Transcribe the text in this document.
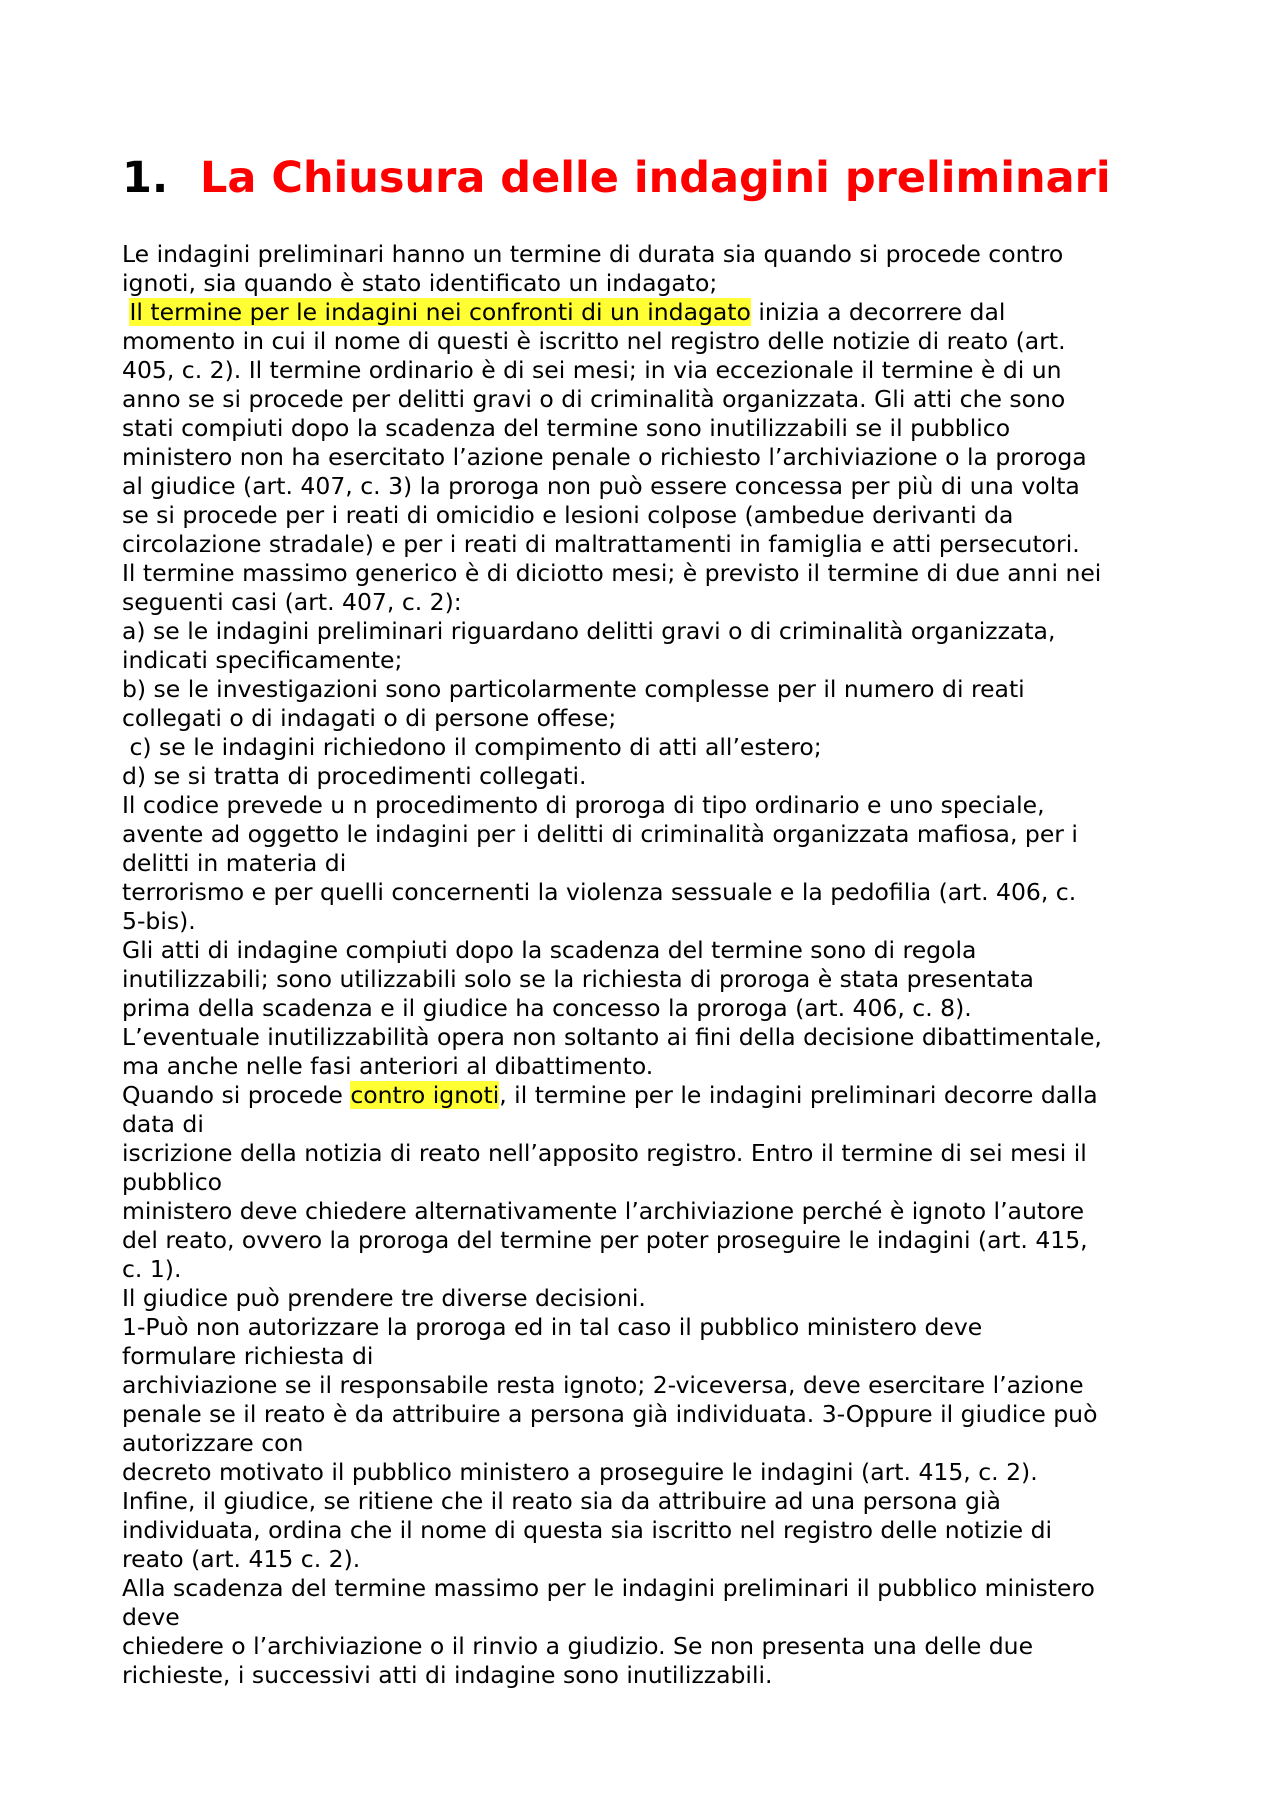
1. La Chiusura delle indagini preliminari
Le indagini preliminari hanno un termine di durata sia quando si procede contro
ignoti, sia quando è stato identificato un indagato;
Il termine per le indagini nei confronti di un indagato inizia a decorrere dal
momento in cui il nome di questi è iscritto nel registro delle notizie di reato (art.
405, c. 2). Il termine ordinario è di sei mesi; in via eccezionale il termine è di un
anno se si procede per delitti gravi o di criminalità organizzata. Gli atti che sono
stati compiuti dopo la scadenza del termine sono inutilizzabili se il pubblico
ministero non ha esercitato l’azione penale o richiesto l’archiviazione o la proroga
al giudice (art. 407, c. 3) la proroga non può essere concessa per più di una volta
se si procede per i reati di omicidio e lesioni colpose (ambedue derivanti da
circolazione stradale) e per i reati di maltrattamenti in famiglia e atti persecutori.
Il termine massimo generico è di diciotto mesi; è previsto il termine di due anni nei
seguenti casi (art. 407, c. 2):
a) se le indagini preliminari riguardano delitti gravi o di criminalità organizzata,
indicati specificamente;
b) se le investigazioni sono particolarmente complesse per il numero di reati
collegati o di indagati o di persone offese;
c) se le indagini richiedono il compimento di atti all’estero;
d) se si tratta di procedimenti collegati.
Il codice prevede u n procedimento di proroga di tipo ordinario e uno speciale,
avente ad oggetto le indagini per i delitti di criminalità organizzata mafiosa, per i
delitti in materia di
terrorismo e per quelli concernenti la violenza sessuale e la pedofilia (art. 406, c.
5-bis).
Gli atti di indagine compiuti dopo la scadenza del termine sono di regola
inutilizzabili; sono utilizzabili solo se la richiesta di proroga è stata presentata
prima della scadenza e il giudice ha concesso la proroga (art. 406, c. 8).
L’eventuale inutilizzabilità opera non soltanto ai fini della decisione dibattimentale,
ma anche nelle fasi anteriori al dibattimento.
Quando si procede contro ignoti, il termine per le indagini preliminari decorre dalla
data di
iscrizione della notizia di reato nell’apposito registro. Entro il termine di sei mesi il
pubblico
ministero deve chiedere alternativamente l’archiviazione perché è ignoto l’autore
del reato, ovvero la proroga del termine per poter proseguire le indagini (art. 415,
c. 1).
Il giudice può prendere tre diverse decisioni.
1-Può non autorizzare la proroga ed in tal caso il pubblico ministero deve
formulare richiesta di
archiviazione se il responsabile resta ignoto; 2-viceversa, deve esercitare l’azione
penale se il reato è da attribuire a persona già individuata. 3-Oppure il giudice può
autorizzare con
decreto motivato il pubblico ministero a proseguire le indagini (art. 415, c. 2).
Infine, il giudice, se ritiene che il reato sia da attribuire ad una persona già
individuata, ordina che il nome di questa sia iscritto nel registro delle notizie di
reato (art. 415 c. 2).
Alla scadenza del termine massimo per le indagini preliminari il pubblico ministero
deve
chiedere o l’archiviazione o il rinvio a giudizio. Se non presenta una delle due
richieste, i successivi atti di indagine sono inutilizzabili.
